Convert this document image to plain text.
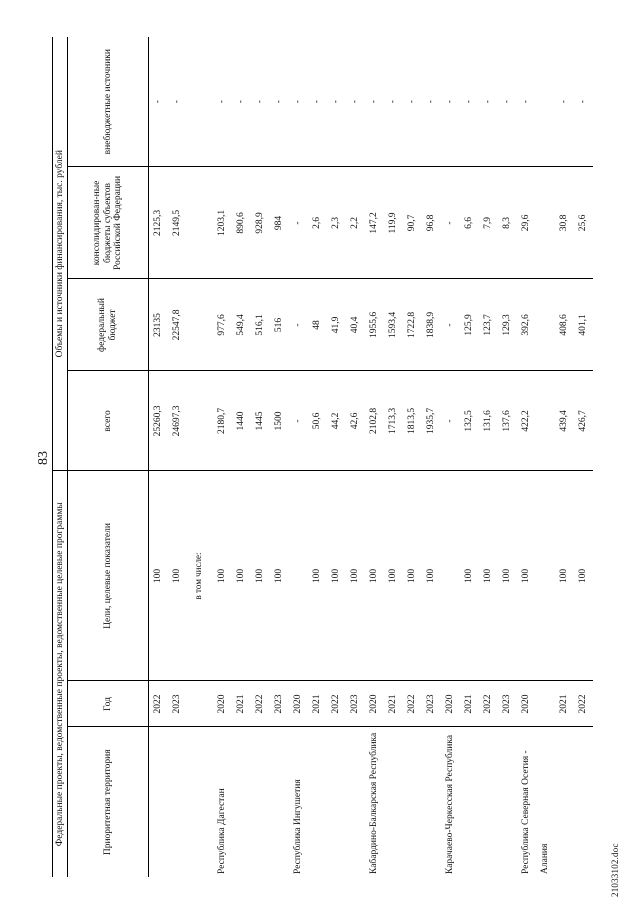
83
Федеральные проекты, ведомственные проекты, ведомственные целевые программы			Объемы и источники финансирования, тыс. рублей			
Приоритетная территория	Год	Цели, целевые показатели	всего	федеральный бюджет	консолидирован-ные бюджеты субъектов Российской Федерации	внебюджетные источники
	2022	100	25260,3	23135	2125,3	-
	2023	100	24697,3	22547,8	2149,5	-

		в том числе:				

Республика Дагестан	2020	100	2180,7	977,6	1203,1	-
	2021	100	1440	549,4	890,6	-
	2022	100	1445	516,1	928,9	-
	2023	100	1500	516	984	-
Республика Ингушетия	2020		-	-	-	-
	2021	100	50,6	48	2,6	-
	2022	100	44,2	41,9	2,3	-
	2023	100	42,6	40,4	2,2	-
Кабардино-Балкарская Республика	2020	100	2102,8	1955,6	147,2	-
	2021	100	1713,3	1593,4	119,9	-
	2022	100	1813,5	1722,8	90,7	-
	2023	100	1935,7	1838,9	96,8	-
Карачаево-Черкесская Республика	2020		-	-	-	-
	2021	100	132,5	125,9	6,6	-
	2022	100	131,6	123,7	7,9	-
	2023	100	137,6	129,3	8,3	-
Республика Северная Осетия - Алания	2020	100	422,2	392,6	29,6	-
	2021	100	439,4	408,6	30,8	-
	2022	100	426,7	401,1	25,6	-
21033102.doc
